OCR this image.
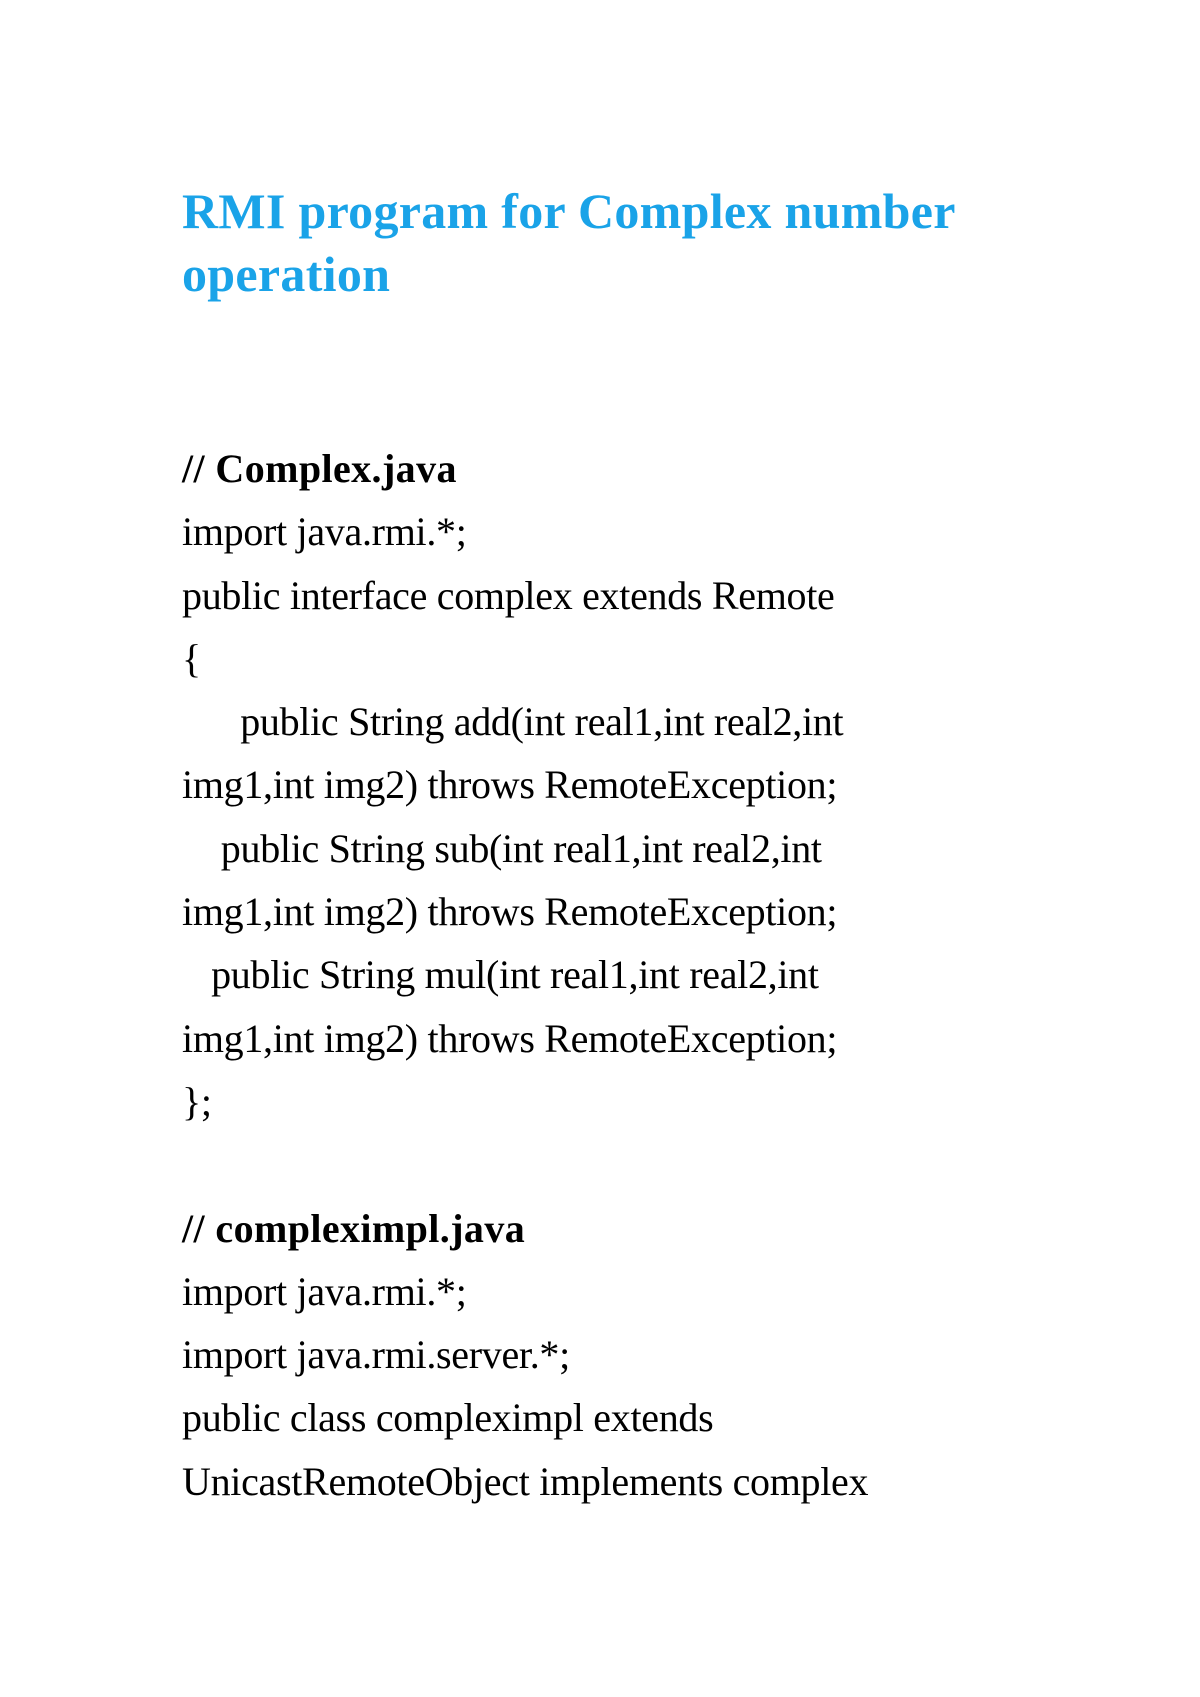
RMI program for Complex number operation
// Complex.java
import java.rmi.*;
public interface complex extends Remote
{
public String add(int real1,int real2,int
img1,int img2) throws RemoteException;
public String sub(int real1,int real2,int
img1,int img2) throws RemoteException;
public String mul(int real1,int real2,int
img1,int img2) throws RemoteException;
};
// compleximpl.java
import java.rmi.*;
import java.rmi.server.*;
public class compleximpl extends
UnicastRemoteObject implements complex
